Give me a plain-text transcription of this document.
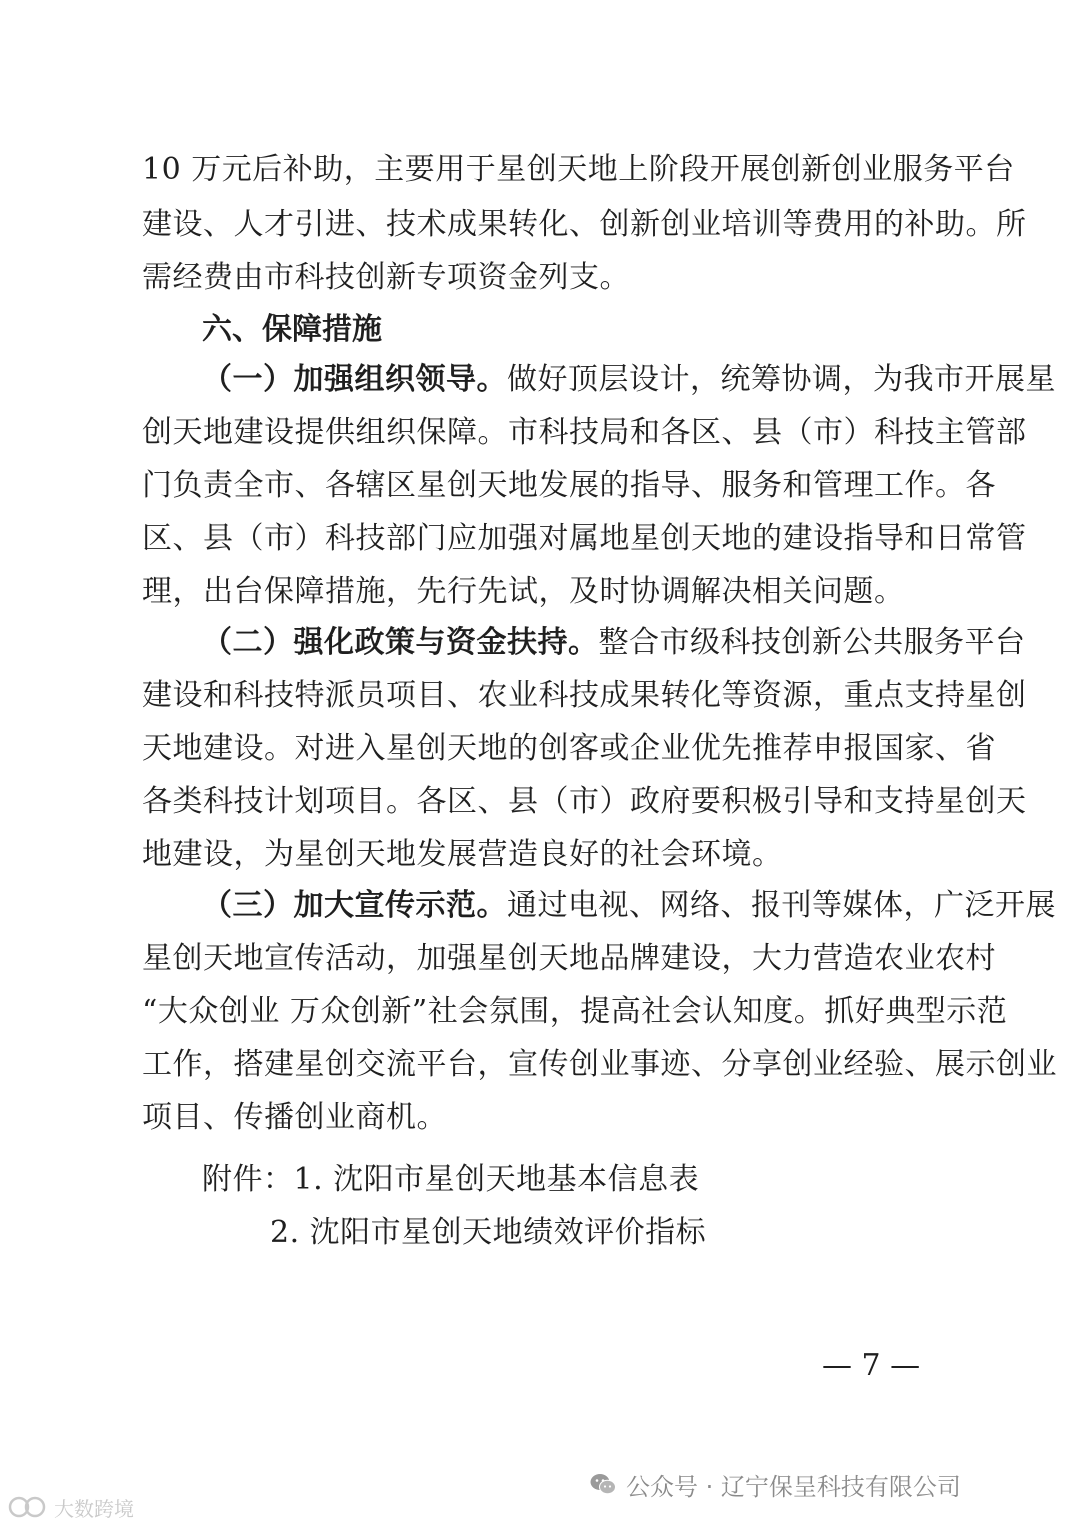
10 万元后补助，主要用于星创天地上阶段开展创新创业服务平台
建设、人才引进、技术成果转化、创新创业培训等费用的补助。所
需经费由市科技创新专项资金列支。
六、保障措施
（一）加强组织领导。做好顶层设计，统筹协调，为我市开展星
创天地建设提供组织保障。市科技局和各区、县（市）科技主管部
门负责全市、各辖区星创天地发展的指导、服务和管理工作。各
区、县（市）科技部门应加强对属地星创天地的建设指导和日常管
理，出台保障措施，先行先试，及时协调解决相关问题。
（二）强化政策与资金扶持。整合市级科技创新公共服务平台
建设和科技特派员项目、农业科技成果转化等资源，重点支持星创
天地建设。对进入星创天地的创客或企业优先推荐申报国家、省
各类科技计划项目。各区、县（市）政府要积极引导和支持星创天
地建设，为星创天地发展营造良好的社会环境。
（三）加大宣传示范。通过电视、网络、报刊等媒体，广泛开展
星创天地宣传活动，加强星创天地品牌建设，大力营造农业农村
“大众创业 万众创新”社会氛围，提高社会认知度。抓好典型示范
工作，搭建星创交流平台，宣传创业事迹、分享创业经验、展示创业
项目、传播创业商机。
附件：1. 沈阳市星创天地基本信息表
2. 沈阳市星创天地绩效评价指标
— 7 —
公众号 · 辽宁保呈科技有限公司
大数跨境
